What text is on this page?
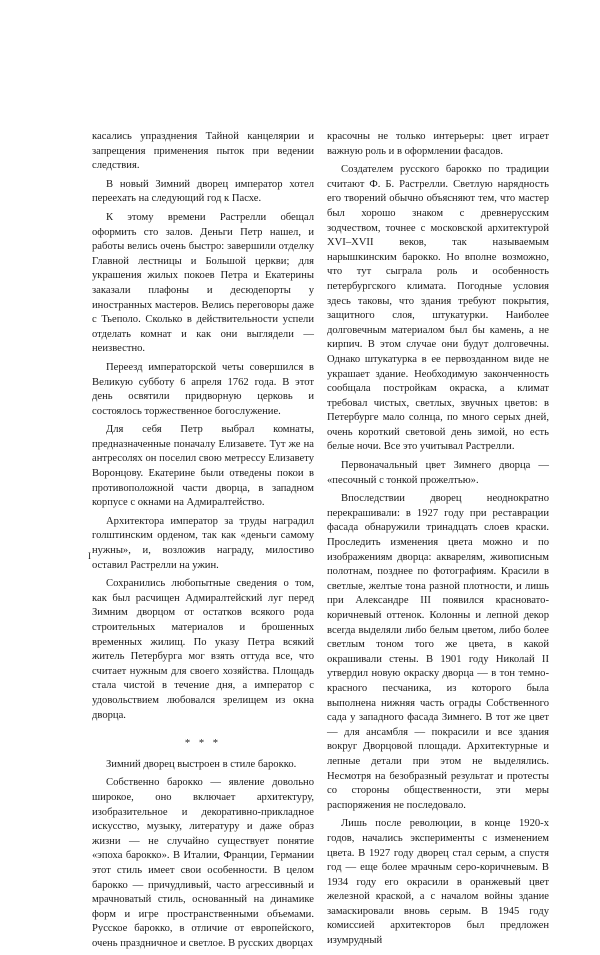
касались упразднения Тайной канцелярии и запрещения применения пыток при ведении следствия.

В новый Зимний дворец император хотел переехать на следующий год к Пасхе.

К этому времени Растрелли обещал оформить сто залов. Деньги Петр нашел, и работы велись очень быстро: завершили отделку Главной лестницы и Большой церкви; для украшения жилых покоев Петра и Екатерины заказали плафоны и десюдепорты у иностранных мастеров. Велись переговоры даже с Тьеполо. Сколько в действительности успели отделать комнат и как они выглядели — неизвестно.

Переезд императорской четы совершился в Великую субботу 6 апреля 1762 года. В этот день освятили придворную церковь и состоялось торжественное богослужение.

Для себя Петр выбрал комнаты, предназначенные поначалу Елизавете. Тут же на антресолях он поселил свою метрессу Елизавету Воронцову. Екатерине были отведены покои в противоположной части дворца, в западном корпусе с окнами на Адмиралтейство.

Архитектора император за труды наградил голштинским орденом, так как «деньги самому нужны», и, возложив награду, милостиво оставил Растрелли на ужин.

Сохранились любопытные сведения о том, как был расчищен Адмиралтейский луг перед Зимним дворцом от остатков всякого рода строительных материалов и брошенных временных жилищ. По указу Петра всякий житель Петербурга мог взять оттуда все, что считает нужным для своего хозяйства. Площадь стала чистой в течение дня, а император с удовольствием любовался зрелищем из окна дворца.

* * *

Зимний дворец выстроен в стиле барокко.

Собственно барокко — явление довольно широкое, оно включает архитектуру, изобразительное и декоративно-прикладное искусство, музыку, литературу и даже образ жизни — не случайно существует понятие «эпоха барокко». В Италии, Франции, Германии этот стиль имеет свои особенности. В целом барокко — причудливый, часто агрессивный и мрачноватый стиль, основанный на динамике форм и игре пространственными объемами. Русское барокко, в отличие от европейского, очень праздничное и светлое. В русских дворцах

I

красочны не только интерьеры: цвет играет важную роль и в оформлении фасадов.

Создателем русского барокко по традиции считают Ф. Б. Растрелли. Светлую нарядность его творений обычно объясняют тем, что мастер был хорошо знаком с древнерусским зодчеством, точнее с московской архитектурой XVI–XVII веков, так называемым нарышкинским барокко. Но вполне возможно, что тут сыграла роль и особенность петербургского климата. Погодные условия здесь таковы, что здания требуют покрытия, защитного слоя, штукатурки. Наиболее долговечным материалом был бы камень, а не кирпич. В этом случае они будут долговечны. Однако штукатурка в ее первозданном виде не украшает здание. Необходимую законченность сообщала постройкам окраска, а климат требовал чистых, светлых, звучных цветов: в Петербурге мало солнца, по много серых дней, очень короткий световой день зимой, но есть белые ночи. Все это учитывал Растрелли.

Первоначальный цвет Зимнего дворца — «песочный с тонкой прожелтью».

Впоследствии дворец неоднократно перекрашивали: в 1927 году при реставрации фасада обнаружили тринадцать слоев краски. Проследить изменения цвета можно и по изображениям дворца: акварелям, живописным полотнам, позднее по фотографиям. Красили в светлые, желтые тона разной плотности, и лишь при Александре III появился красновато-коричневый оттенок. Колонны и лепной декор всегда выделяли либо белым цветом, либо более светлым тоном того же цвета, в какой окрашивали стены. В 1901 году Николай II утвердил новую окраску дворца — в тон темно-красного песчаника, из которого была выполнена нижняя часть ограды Собственного сада у западного фасада Зимнего. В тот же цвет — для ансамбля — покрасили и все здания вокруг Дворцовой площади. Архитектурные и лепные детали при этом не выделялись. Несмотря на безобразный результат и протесты со стороны общественности, эти меры распоряжения не последовало.

Лишь после революции, в конце 1920-х годов, начались эксперименты с изменением цвета. В 1927 году дворец стал серым, а спустя год — еще более мрачным серо-коричневым. В 1934 году его окрасили в оранжевый цвет железной краской, а с началом войны здание замаскировали вновь серым. В 1945 году комиссией архитекторов был предложен изумрудный
